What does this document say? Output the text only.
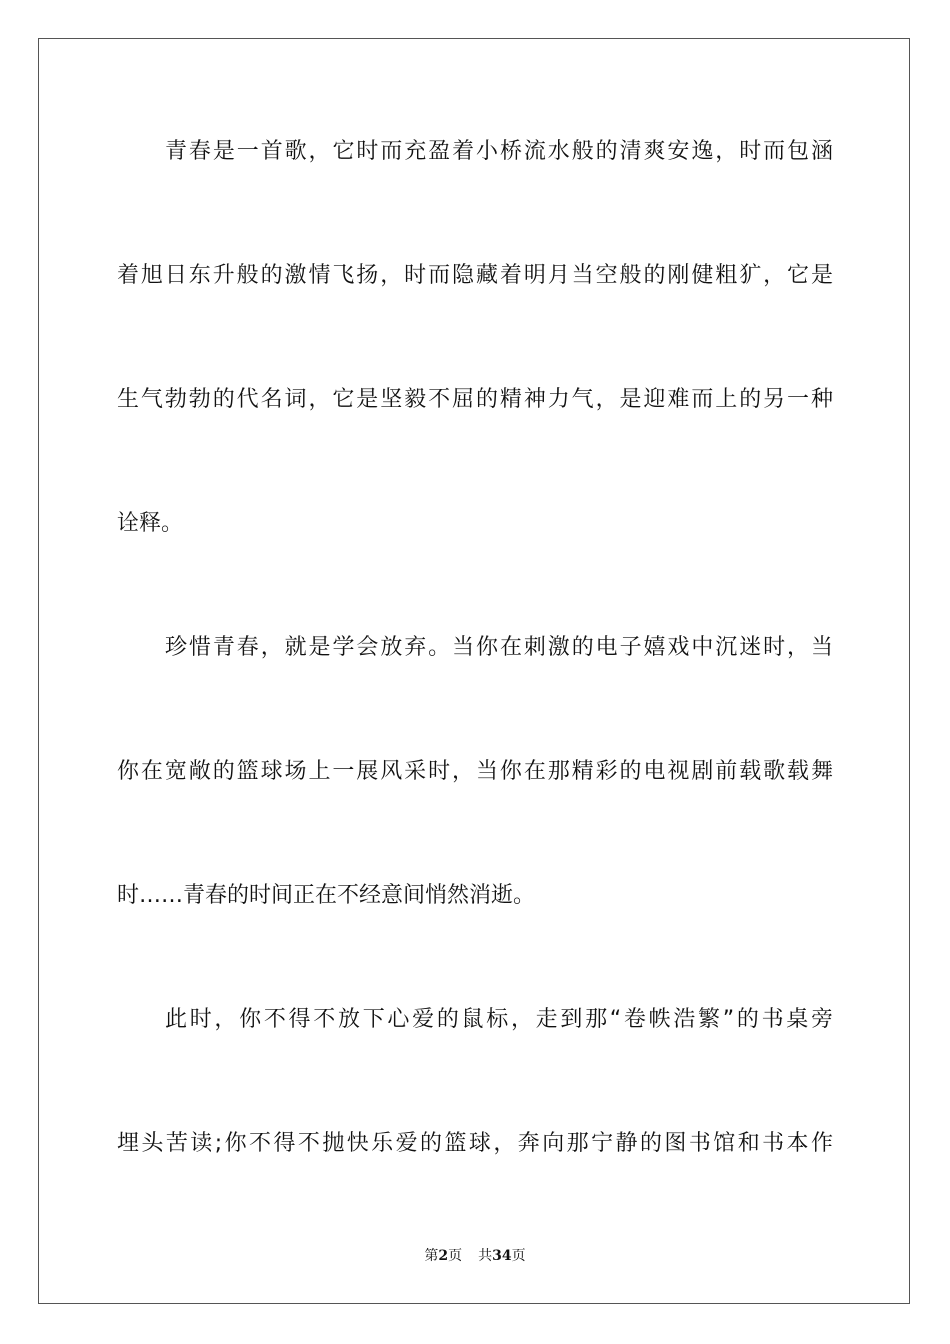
青春是一首歌，它时而充盈着小桥流水般的清爽安逸，时而包涵
着旭日东升般的激情飞扬，时而隐藏着明月当空般的刚健粗犷，它是
生气勃勃的代名词，它是坚毅不屈的精神力气，是迎难而上的另一种
诠释。
珍惜青春，就是学会放弃。当你在刺激的电子嬉戏中沉迷时，当
你在宽敞的篮球场上一展风采时，当你在那精彩的电视剧前载歌载舞
时……青春的时间正在不经意间悄然消逝。
此时，你不得不放下心爱的鼠标，走到那“卷帙浩繁”的书桌旁
埋头苦读;你不得不抛快乐爱的篮球，奔向那宁静的图书馆和书本作
第2页 共34页
